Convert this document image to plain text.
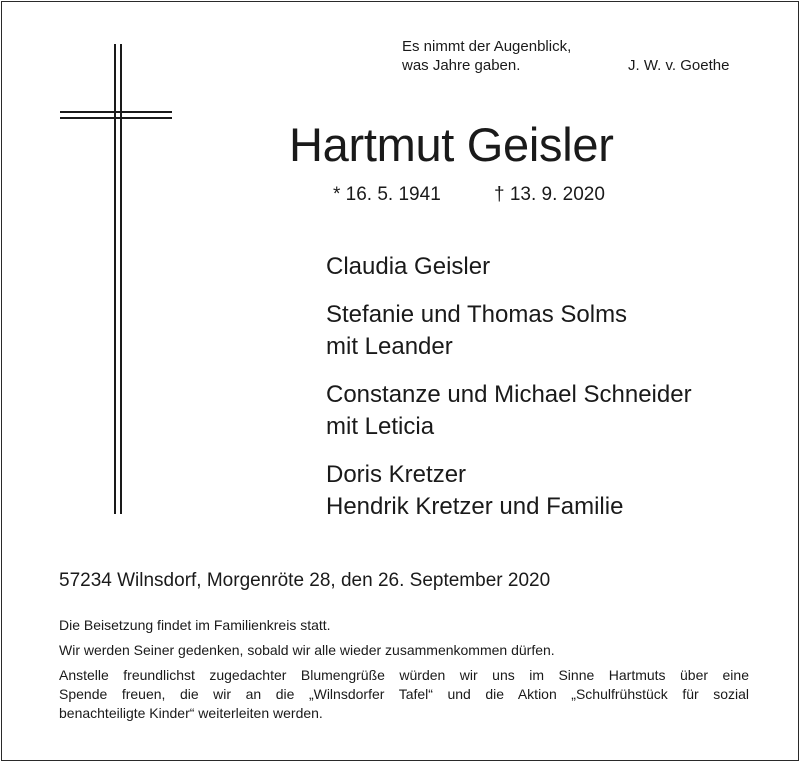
Es nimmt der Augenblick,
was Jahre gaben.	J. W. v. Goethe
Hartmut Geisler
* 16. 5. 1941	† 13. 9. 2020
Claudia Geisler
Stefanie und Thomas Solms
mit Leander
Constanze und Michael Schneider
mit Leticia
Doris Kretzer
Hendrik Kretzer und Familie
57234 Wilnsdorf, Morgenröte 28, den 26. September 2020

Die Beisetzung findet im Familienkreis statt.

Wir werden Seiner gedenken, sobald wir alle wieder zusammenkommen dürfen.

Anstelle freundlichst zugedachter Blumengrüße würden wir uns im Sinne Hartmuts über eine
Spende freuen, die wir an die „Wilnsdorfer Tafel“ und die Aktion „Schulfrühstück für sozial
benachteiligte Kinder“ weiterleiten werden.
